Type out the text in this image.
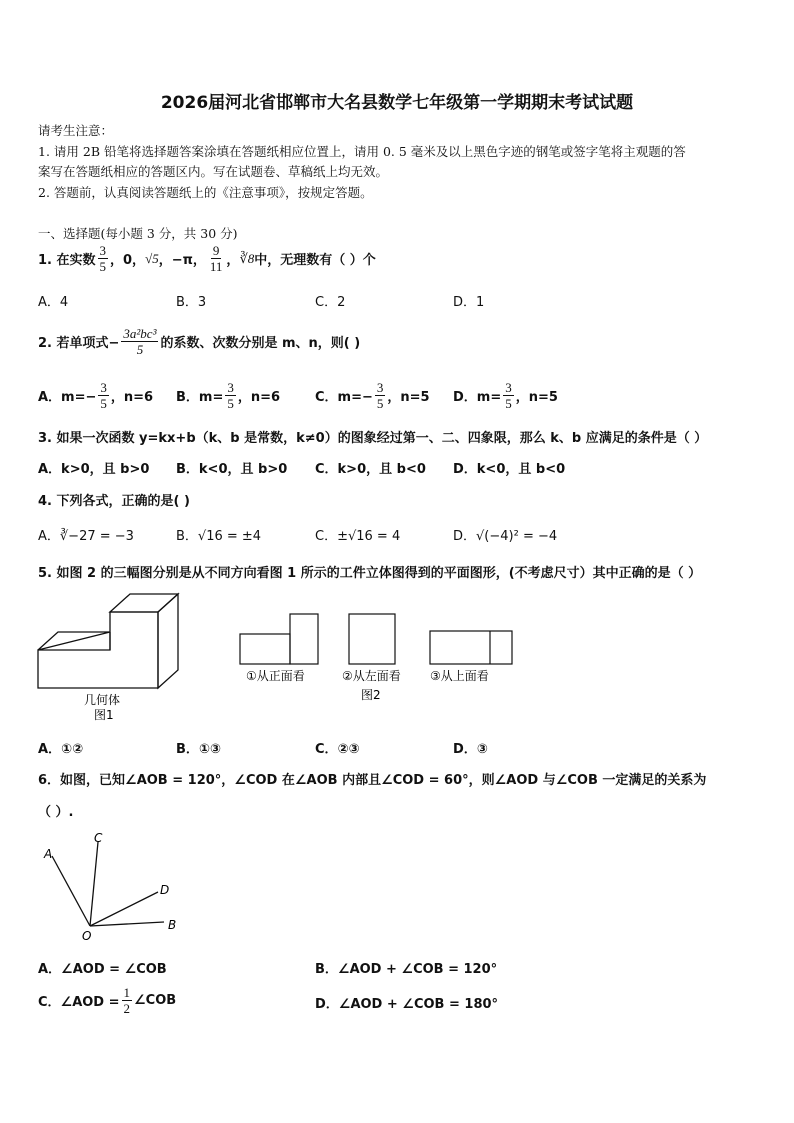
2026届河北省邯郸市大名县数学七年级第一学期期末考试试题
请考生注意：
1. 请用 2B 铅笔将选择题答案涂填在答题纸相应位置上，请用 0. 5 毫米及以上黑色字迹的钢笔或签字笔将主观题的答
案写在答题纸相应的答题区内。写在试题卷、草稿纸上均无效。
2. 答题前，认真阅读答题纸上的《注意事项》，按规定答题。
一、选择题(每小题 3 分，共 30 分)
1. 在实数 $\frac{3}{5}$ ，0， √5 ，−π， $\frac{9}{11}$ ， ∛8 中，无理数有（ ）个
A．4	B．3	C．2	D．1
2. 若单项式− $\frac{\text{3a²bc³}}{5}$ 的系数、次数分别是 m、n，则( )
A．$m=- \frac{3}{5}$ ，n=6 B．$m= \frac{3}{5}$ ，n=6	C．$m=- \frac{3}{5}$ ，n=5 D．$m= \frac{3}{5}$ ，n=5
3. 如果一次函数 y=kx+b（k、b 是常数，k≠0）的图象经过第一、二、四象限，那么 k、b 应满足的条件是（ ）
A．k>0，且 b>0 B．k<0，且 b>0 C．k>0，且 b<0 D．k<0，且 b<0
4. 下列各式，正确的是( )
A．∛−27 = −3	B．√16 = ±4	C．±√16 = 4	D．√(−4)² = −4
5. 如图 2 的三幅图分别是从不同方向看图 1 所示的工件立体图得到的平面图形，(不考虑尺寸）其中正确的是（ ）
几何体
图1
①从正面看	②从左面看 ③从上面看
图2
A．①②	B．①③	C．②③	D．③
6．如图，已知∠AOB = 120°，∠COD 在∠AOB 内部且∠COD = 60°，则∠AOD 与∠COB 一定满足的关系为
（ ）.
A
C
D
O
B
A．∠AOD = ∠COB	B．∠AOD + ∠COB = 120°
C．∠AOD = $\frac{1}{2}$ ∠COB	D．∠AOD + ∠COB = 180°
